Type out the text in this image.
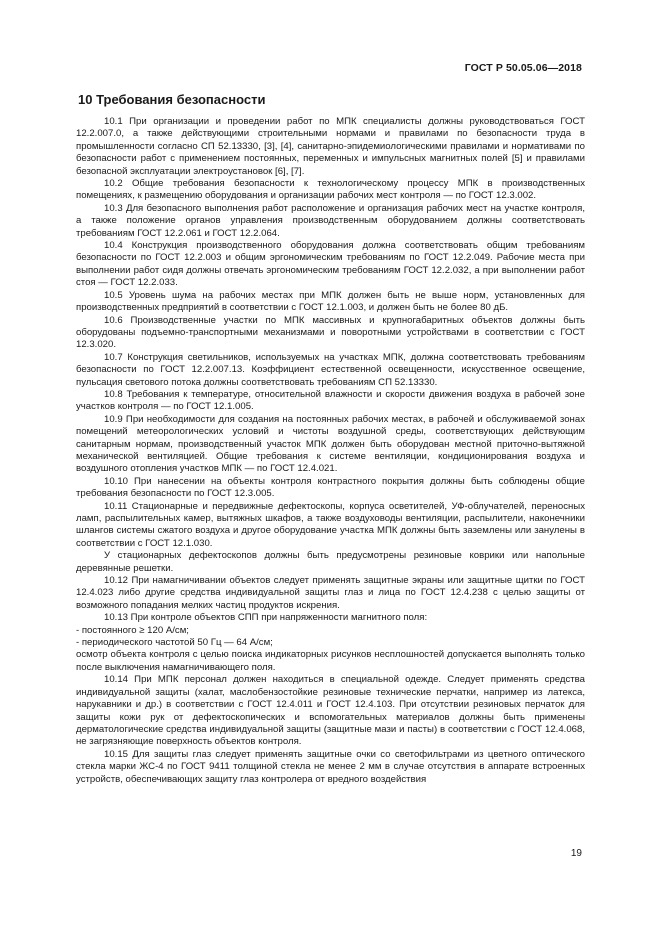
ГОСТ Р 50.05.06—2018
10 Требования безопасности

10.1 При организации и проведении работ по МПК специалисты должны руководствоваться ГОСТ 12.2.007.0, а также действующими строительными нормами и правилами по безопасности труда в промышленности согласно СП 52.13330, [3], [4], санитарно-эпидемиологическими правилами и нормативами по безопасности работ с применением постоянных, переменных и импульсных магнитных полей [5] и правилами безопасной эксплуатации электроустановок [6], [7].

10.2 Общие требования безопасности к технологическому процессу МПК в производственных помещениях, к размещению оборудования и организации рабочих мест контроля — по ГОСТ 12.3.002.

10.3 Для безопасного выполнения работ расположение и организация рабочих мест на участке контроля, а также положение органов управления производственным оборудованием должны соответствовать требованиям ГОСТ 12.2.061 и ГОСТ 12.2.064.

10.4 Конструкция производственного оборудования должна соответствовать общим требованиям безопасности по ГОСТ 12.2.003 и общим эргономическим требованиям по ГОСТ 12.2.049. Рабочие места при выполнении работ сидя должны отвечать эргономическим требованиям ГОСТ 12.2.032, а при выполнении работ стоя — ГОСТ 12.2.033.

10.5 Уровень шума на рабочих местах при МПК должен быть не выше норм, установленных для производственных предприятий в соответствии с ГОСТ 12.1.003, и должен быть не более 80 дБ.

10.6 Производственные участки по МПК массивных и крупногабаритных объектов должны быть оборудованы подъемно-транспортными механизмами и поворотными устройствами в соответствии с ГОСТ 12.3.020.

10.7 Конструкция светильников, используемых на участках МПК, должна соответствовать требованиям безопасности по ГОСТ 12.2.007.13. Коэффициент естественной освещенности, искусственное освещение, пульсация светового потока должны соответствовать требованиям СП 52.13330.

10.8 Требования к температуре, относительной влажности и скорости движения воздуха в рабочей зоне участков контроля — по ГОСТ 12.1.005.

10.9 При необходимости для создания на постоянных рабочих местах, в рабочей и обслуживаемой зонах помещений метеорологических условий и чистоты воздушной среды, соответствующих действующим санитарным нормам, производственный участок МПК должен быть оборудован местной приточно-вытяжной механической вентиляцией. Общие требования к системе вентиляции, кондиционирования воздуха и воздушного отопления участков МПК — по ГОСТ 12.4.021.

10.10 При нанесении на объекты контроля контрастного покрытия должны быть соблюдены общие требования безопасности по ГОСТ 12.3.005.

10.11 Стационарные и передвижные дефектоскопы, корпуса осветителей, УФ-облучателей, переносных ламп, распылительных камер, вытяжных шкафов, а также воздуховоды вентиляции, распылители, наконечники шлангов системы сжатого воздуха и другое оборудование участка МПК должны быть заземлены или занулены в соответствии с ГОСТ 12.1.030.

У стационарных дефектоскопов должны быть предусмотрены резиновые коврики или напольные деревянные решетки.

10.12 При намагничивании объектов следует применять защитные экраны или защитные щитки по ГОСТ 12.4.023 либо другие средства индивидуальной защиты глаз и лица по ГОСТ 12.4.238 с целью защиты от возможного попадания мелких частиц продуктов искрения.

10.13 При контроле объектов СПП при напряженности магнитного поля:

- постоянного ≥ 120 А/см;

- периодического частотой 50 Гц — 64 А/см;

осмотр объекта контроля с целью поиска индикаторных рисунков несплошностей допускается выполнять только после выключения намагничивающего поля.

10.14 При МПК персонал должен находиться в специальной одежде. Следует применять средства индивидуальной защиты (халат, маслобензостойкие резиновые технические перчатки, например из латекса, нарукавники и др.) в соответствии с ГОСТ 12.4.011 и ГОСТ 12.4.103. При отсутствии резиновых перчаток для защиты кожи рук от дефектоскопических и вспомогательных материалов должны быть применены дерматологические средства индивидуальной защиты (защитные мази и пасты) в соответствии с ГОСТ 12.4.068, не загрязняющие поверхность объектов контроля.

10.15 Для защиты глаз следует применять защитные очки со светофильтрами из цветного оптического стекла марки ЖС-4 по ГОСТ 9411 толщиной стекла не менее 2 мм в случае отсутствия в аппарате встроенных устройств, обеспечивающих защиту глаз контролера от вредного воздействия

19
